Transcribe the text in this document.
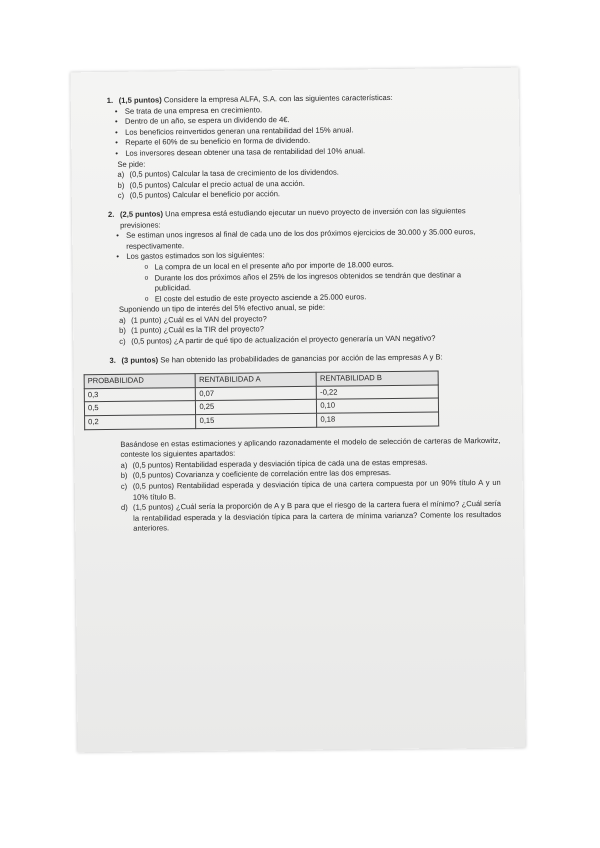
1. (1,5 puntos) Considere la empresa ALFA, S.A. con las siguientes características:
• Se trata de una empresa en crecimiento.
• Dentro de un año, se espera un dividendo de 4€.
• Los beneficios reinvertidos generan una rentabilidad del 15% anual.
• Reparte el 60% de su beneficio en forma de dividendo.
• Los inversores desean obtener una tasa de rentabilidad del 10% anual.

Se pide:

a) (0,5 puntos) Calcular la tasa de crecimiento de los dividendos.
b) (0,5 puntos) Calcular el precio actual de una acción.
c) (0,5 puntos) Calcular el beneficio por acción.
2. (2,5 puntos) Una empresa está estudiando ejecutar un nuevo proyecto de inversión con las siguientes previsiones:
• Se estiman unos ingresos al final de cada uno de los dos próximos ejercicios de 30.000 y 35.000 euros, respectivamente.
• Los gastos estimados son los siguientes:
o La compra de un local en el presente año por importe de 18.000 euros.
o Durante los dos próximos años el 25% de los ingresos obtenidos se tendrán que destinar a publicidad.
o El coste del estudio de este proyecto asciende a 25.000 euros.

Suponiendo un tipo de interés del 5% efectivo anual, se pide:

a) (1 punto) ¿Cuál es el VAN del proyecto?
b) (1 punto) ¿Cuál es la TIR del proyecto?
c) (0,5 puntos) ¿A partir de qué tipo de actualización el proyecto generaría un VAN negativo?
3. (3 puntos) Se han obtenido las probabilidades de ganancias por acción de las empresas A y B:
PROBABILIDAD	RENTABILIDAD A	RENTABILIDAD B
0,3	0,07	-0,22
0,5	0,25	0,10
0,2	0,15	0,18

Basándose en estas estimaciones y aplicando razonadamente el modelo de selección de carteras de Markowitz, conteste los siguientes apartados:

a) (0,5 puntos) Rentabilidad esperada y desviación típica de cada una de estas empresas.
b) (0,5 puntos) Covarianza y coeficiente de correlación entre las dos empresas.
c) (0,5 puntos) Rentabilidad esperada y desviación típica de una cartera compuesta por un 90% título A y un 10% título B.
d) (1,5 puntos) ¿Cuál sería la proporción de A y B para que el riesgo de la cartera fuera el mínimo? ¿Cuál sería la rentabilidad esperada y la desviación típica para la cartera de mínima varianza? Comente los resultados anteriores.
